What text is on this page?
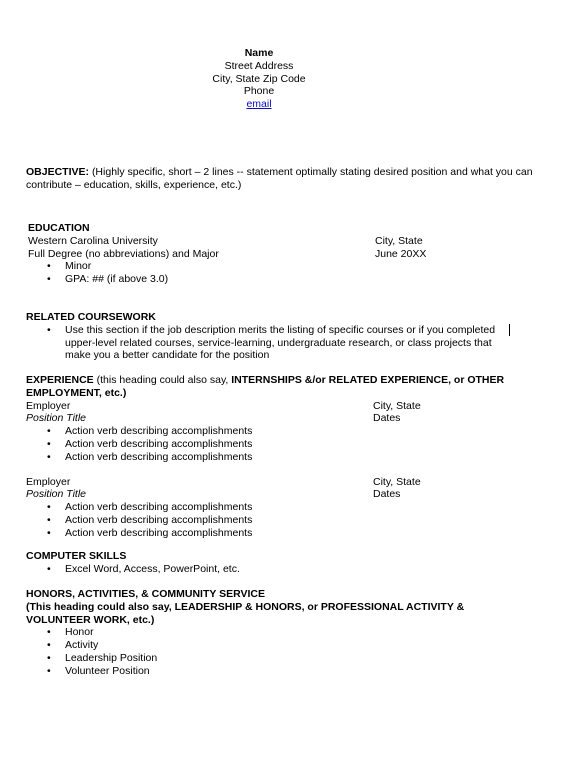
Name
Street Address
City, State Zip Code
Phone
email
OBJECTIVE: (Highly specific, short – 2 lines -- statement optimally stating desired position and what you can contribute – education, skills, experience, etc.)
EDUCATION
Western Carolina University	City, State
Full Degree (no abbreviations) and Major	June 20XX
• Minor
• GPA: ## (if above 3.0)
RELATED COURSEWORK
• Use this section if the job description merits the listing of specific courses or if you completed upper-level related courses, service-learning, undergraduate research, or class projects that make you a better candidate for the position
EXPERIENCE (this heading could also say, INTERNSHIPS &/or RELATED EXPERIENCE, or OTHER EMPLOYMENT, etc.)
Employer	City, State
Position Title	Dates
• Action verb describing accomplishments
• Action verb describing accomplishments
• Action verb describing accomplishments
Employer	City, State
Position Title	Dates
• Action verb describing accomplishments
• Action verb describing accomplishments
• Action verb describing accomplishments
COMPUTER SKILLS
• Excel Word, Access, PowerPoint, etc.
HONORS, ACTIVITIES, & COMMUNITY SERVICE
(This heading could also say, LEADERSHIP & HONORS, or PROFESSIONAL ACTIVITY & VOLUNTEER WORK, etc.)
• Honor
• Activity
• Leadership Position
• Volunteer Position
